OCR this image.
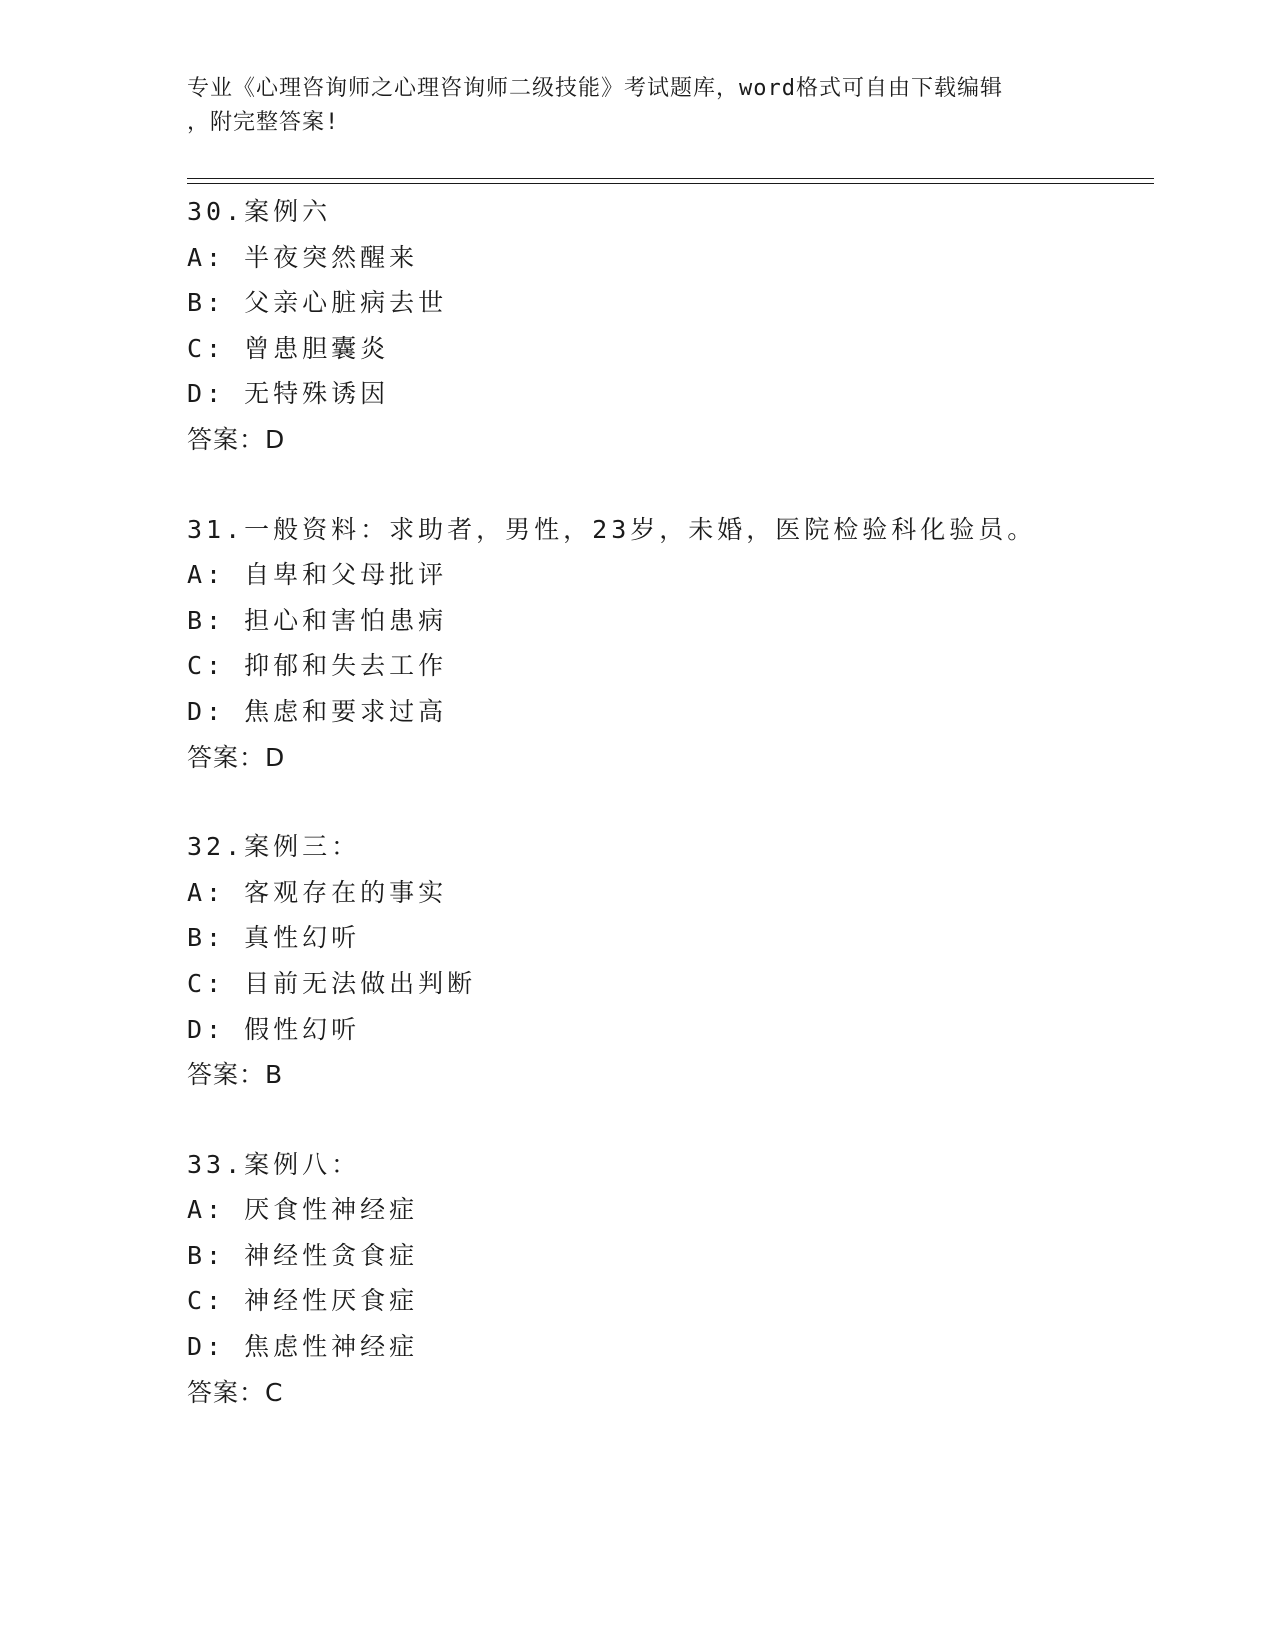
专业《心理咨询师之心理咨询师二级技能》考试题库，word格式可自由下载编辑
，附完整答案!
30.案例六
A: 半夜突然醒来
B: 父亲心脏病去世
C: 曾患胆囊炎
D: 无特殊诱因
答案：D
31.一般资料：求助者，男性，23岁，未婚，医院检验科化验员。
A: 自卑和父母批评
B: 担心和害怕患病
C: 抑郁和失去工作
D: 焦虑和要求过高
答案：D
32.案例三：
A: 客观存在的事实
B: 真性幻听
C: 目前无法做出判断
D: 假性幻听
答案：B
33.案例八：
A: 厌食性神经症
B: 神经性贪食症
C: 神经性厌食症
D: 焦虑性神经症
答案：C
